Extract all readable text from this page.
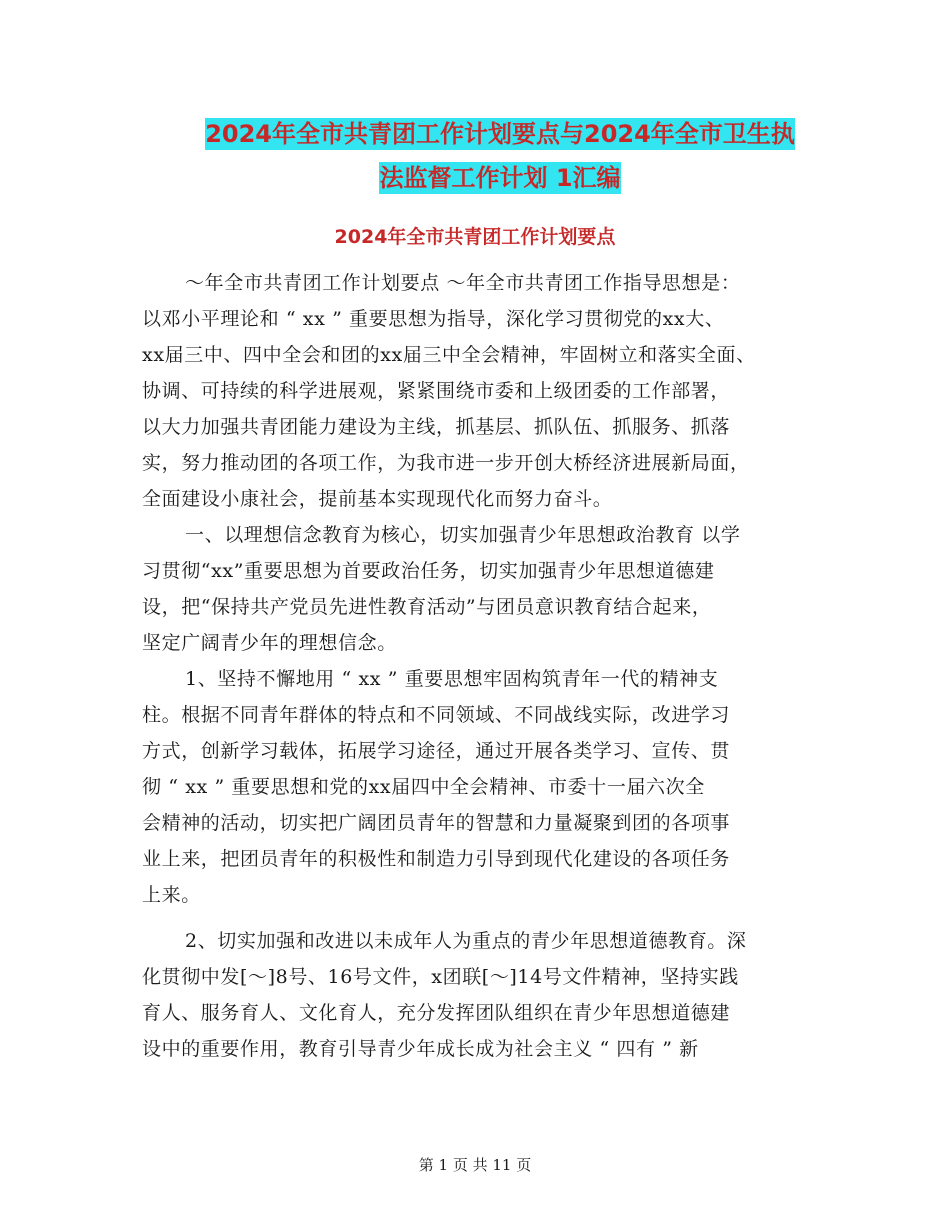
2024年全市共青团工作计划要点与2024年全市卫生执
法监督工作计划 1汇编
2024年全市共青团工作计划要点
～年全市共青团工作计划要点 ～年全市共青团工作指导思想是：
以邓小平理论和 “ xx ” 重要思想为指导，深化学习贯彻党的xx大、
xx届三中、四中全会和团的xx届三中全会精神，牢固树立和落实全面、
协调、可持续的科学进展观，紧紧围绕市委和上级团委的工作部署，
以大力加强共青团能力建设为主线，抓基层、抓队伍、抓服务、抓落
实，努力推动团的各项工作，为我市进一步开创大桥经济进展新局面，
全面建设小康社会，提前基本实现现代化而努力奋斗。
一、以理想信念教育为核心，切实加强青少年思想政治教育 以学
习贯彻“xx”重要思想为首要政治任务，切实加强青少年思想道德建
设，把“保持共产党员先进性教育活动”与团员意识教育结合起来，
坚定广阔青少年的理想信念。
1、坚持不懈地用 “ xx ” 重要思想牢固构筑青年一代的精神支
柱。根据不同青年群体的特点和不同领域、不同战线实际，改进学习
方式，创新学习载体，拓展学习途径，通过开展各类学习、宣传、贯
彻 “ xx ” 重要思想和党的xx届四中全会精神、市委十一届六次全
会精神的活动，切实把广阔团员青年的智慧和力量凝聚到团的各项事
业上来，把团员青年的积极性和制造力引导到现代化建设的各项任务
上来。
2、切实加强和改进以未成年人为重点的青少年思想道德教育。深
化贯彻中发[～]8号、16号文件，x团联[～]14号文件精神，坚持实践
育人、服务育人、文化育人，充分发挥团队组织在青少年思想道德建
设中的重要作用，教育引导青少年成长成为社会主义 “ 四有 ” 新
第 1 页 共 11 页
